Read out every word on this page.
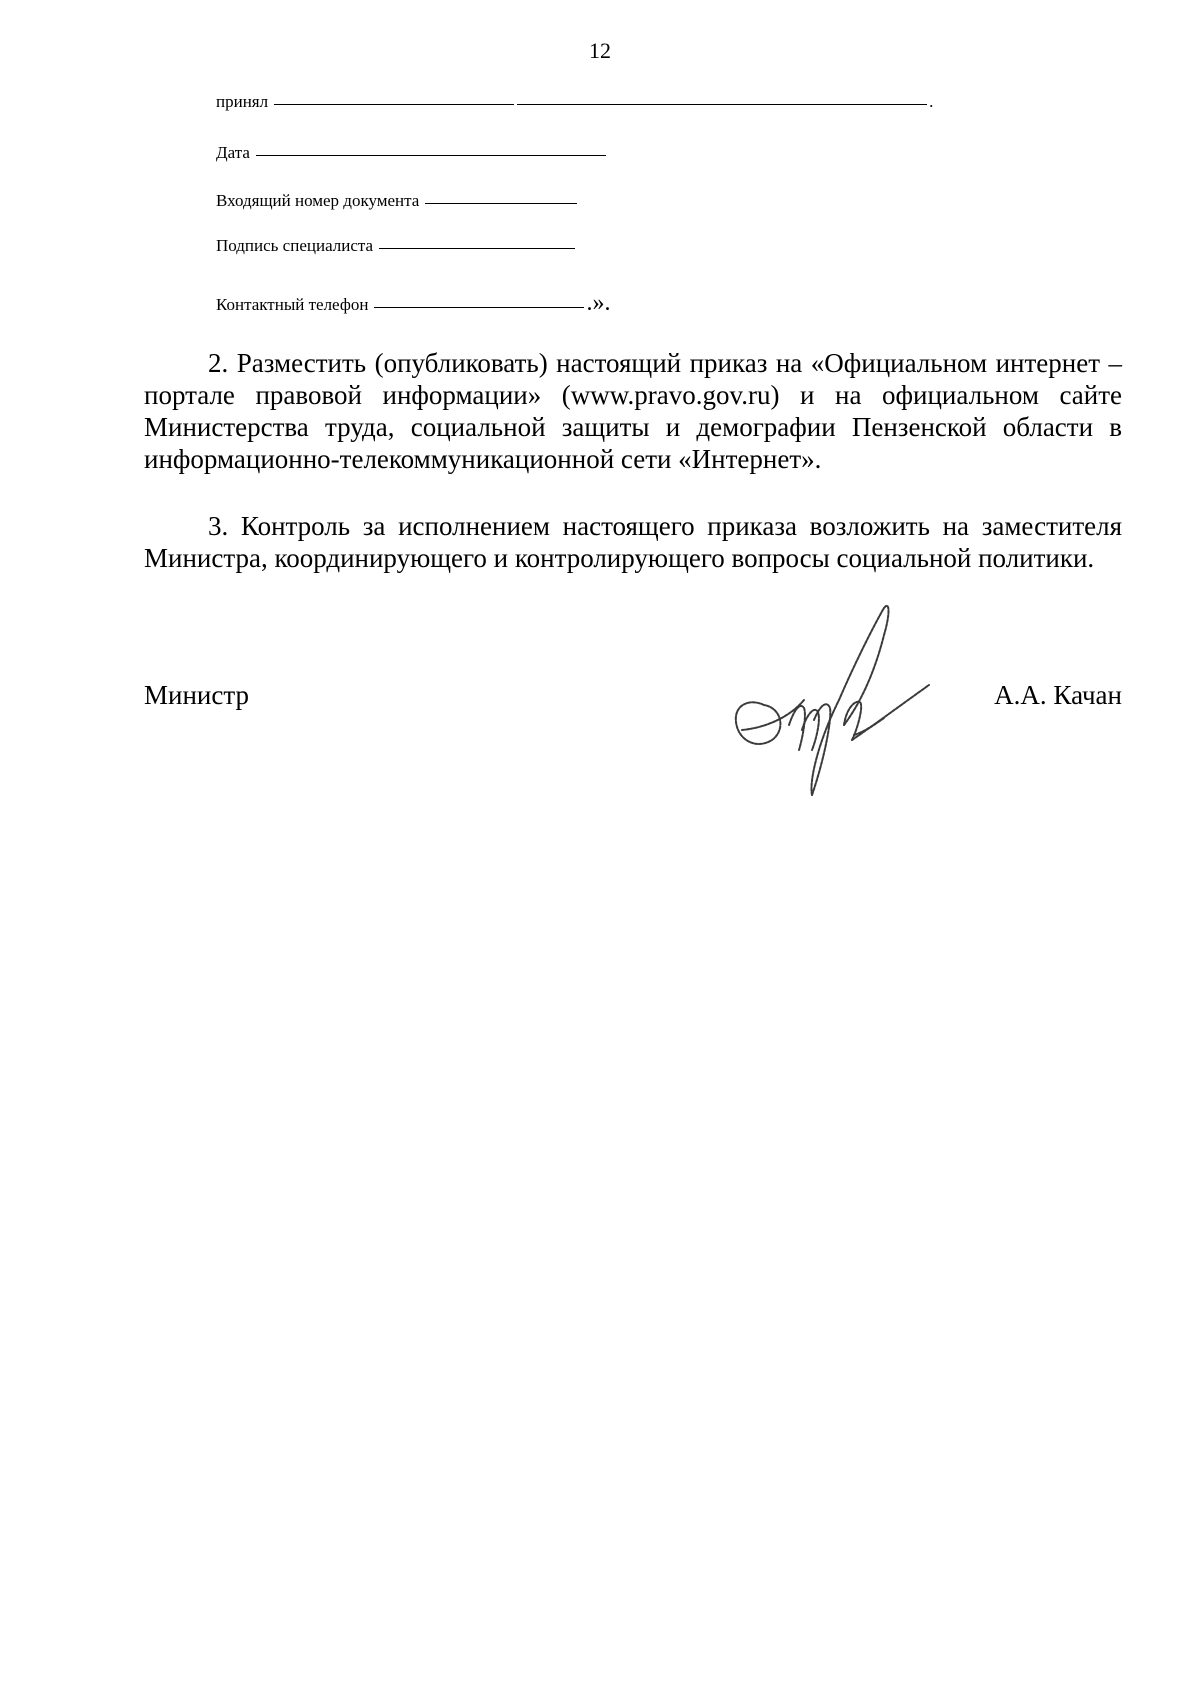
12
принял	.
Дата
Входящий номер документа
Подпись специалиста
Контактный телефон	.».

2. Разместить (опубликовать) настоящий приказ на «Официальном интернет – портале правовой информации» (www.pravo.gov.ru) и на официальном сайте Министерства труда, социальной защиты и демографии Пензенской области в информационно-телекоммуникационной сети «Интернет».

3. Контроль за исполнением настоящего приказа возложить на заместителя Министра, координирующего и контролирующего вопросы социальной политики.

Министр	А.А. Качан
